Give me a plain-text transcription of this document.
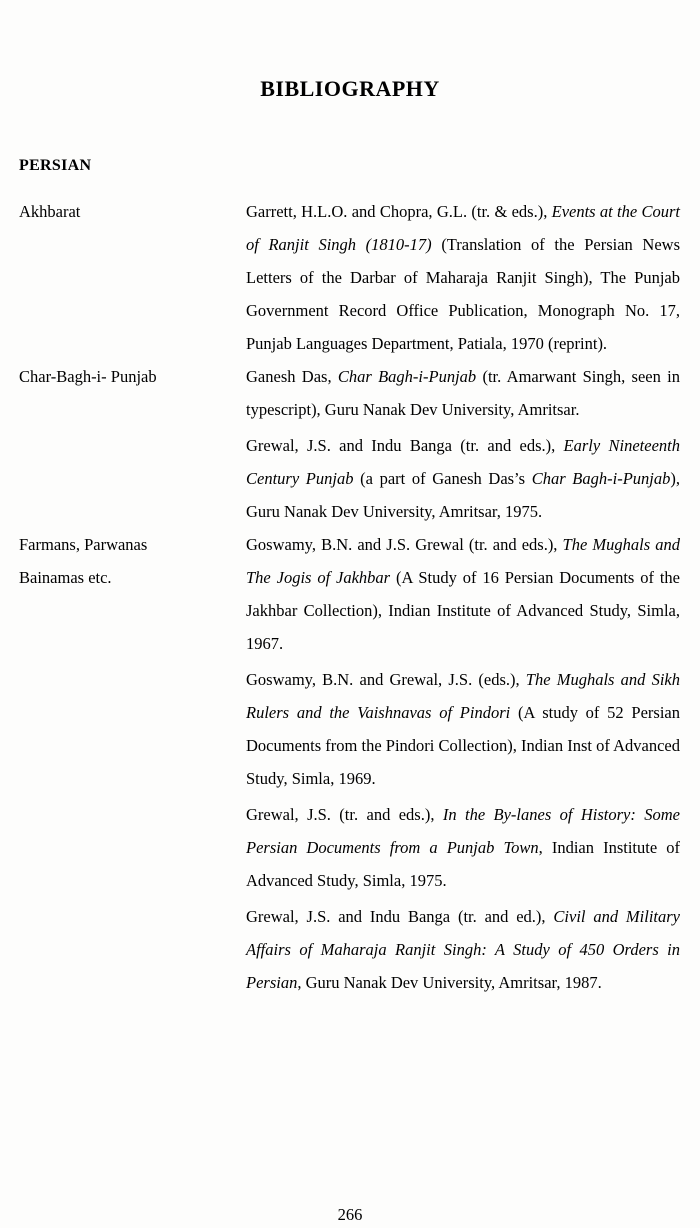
BIBLIOGRAPHY
PERSIAN
Akhbarat	Garrett, H.L.O. and Chopra, G.L. (tr. & eds.), Events at the Court of Ranjit Singh (1810-17) (Translation of the Persian News Letters of the Darbar of Maharaja Ranjit Singh), The Punjab Government Record Office Publication, Monograph No. 17, Punjab Languages Department, Patiala, 1970 (reprint).

Char-Bagh-i- Punjab	Ganesh Das, Char Bagh-i-Punjab (tr. Amarwant Singh, seen in typescript), Guru Nanak Dev University, Amritsar.

Grewal, J.S. and Indu Banga (tr. and eds.), Early Nineteenth Century Punjab (a part of Ganesh Das’s Char Bagh-i-Punjab), Guru Nanak Dev University, Amritsar, 1975.

Farmans, Parwanas
Bainamas etc.

Goswamy, B.N. and J.S. Grewal (tr. and eds.), The Mughals and The Jogis of Jakhbar (A Study of 16 Persian Documents of the Jakhbar Collection), Indian Institute of Advanced Study, Simla, 1967.

Goswamy, B.N. and Grewal, J.S. (eds.), The Mughals and Sikh Rulers and the Vaishnavas of Pindori (A study of 52 Persian Documents from the Pindori Collection), Indian Inst of Advanced Study, Simla, 1969.

Grewal, J.S. (tr. and eds.), In the By-lanes of History: Some Persian Documents from a Punjab Town, Indian Institute of Advanced Study, Simla, 1975.

Grewal, J.S. and Indu Banga (tr. and ed.), Civil and Military Affairs of Maharaja Ranjit Singh: A Study of 450 Orders in Persian, Guru Nanak Dev University, Amritsar, 1987.

266
